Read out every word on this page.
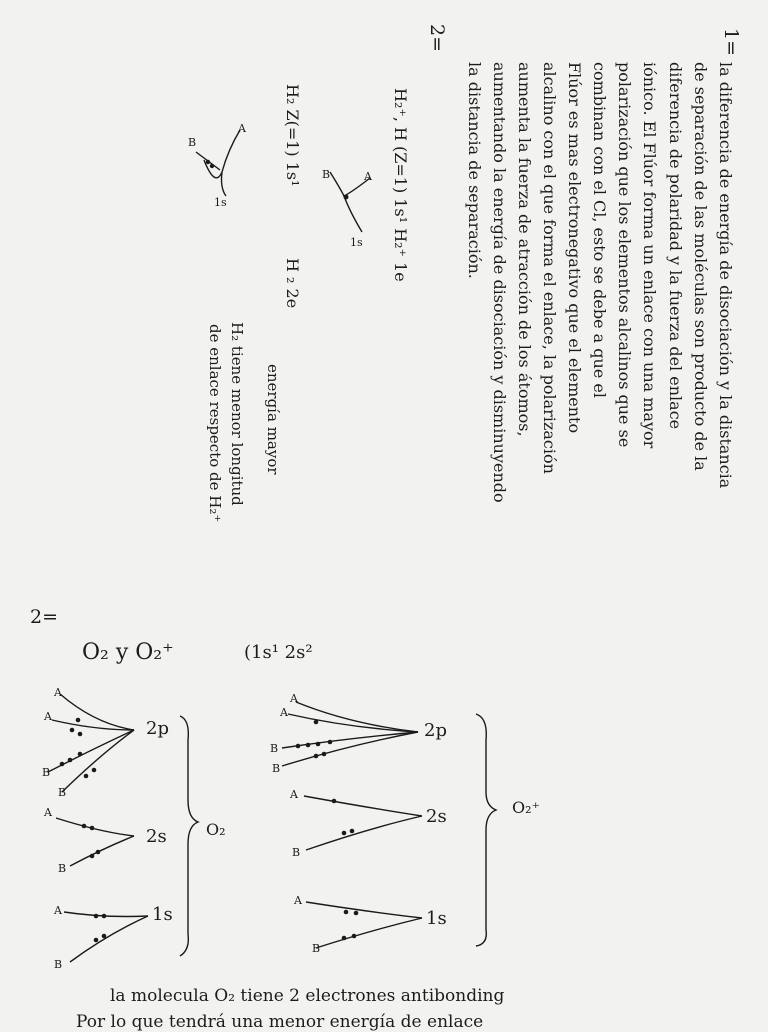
1=
la diferencia de energía de disociación y la distancia
de separación de las moléculas son producto de la
diferencia de polaridad y la fuerza del enlace
iónico. El Flúor forma un enlace con una mayor
polarización que los elementos alcalinos que se
combinan con el Cl, esto se debe a que el
Flúor es mas electronegativo que el elemento
alcalino con el que forma el enlace, la polarización
aumenta la fuerza de atracción de los átomos,
aumentando la energía de disociación y disminuyendo
la distancia de separación.
2=
H₂⁺, H (Z=1) 1s¹ H₂⁺ 1e
H₂ Z(=1) 1s¹
H ₂ 2e
energía mayor
H₂ tiene menor longitud
de enlace respecto de H₂⁺
A
B
1s
A
B
1s
2=
O₂ y O₂⁺	(1s¹ 2s²
2p
2s
1s
O₂
2p
2s
1s
O₂⁺
A
A
B
B
A
B
A
B
A
A
B
B
A
B
A
B
la molecula O₂ tiene 2 electrones antibonding
Por lo que tendrá una menor energía de enlace
